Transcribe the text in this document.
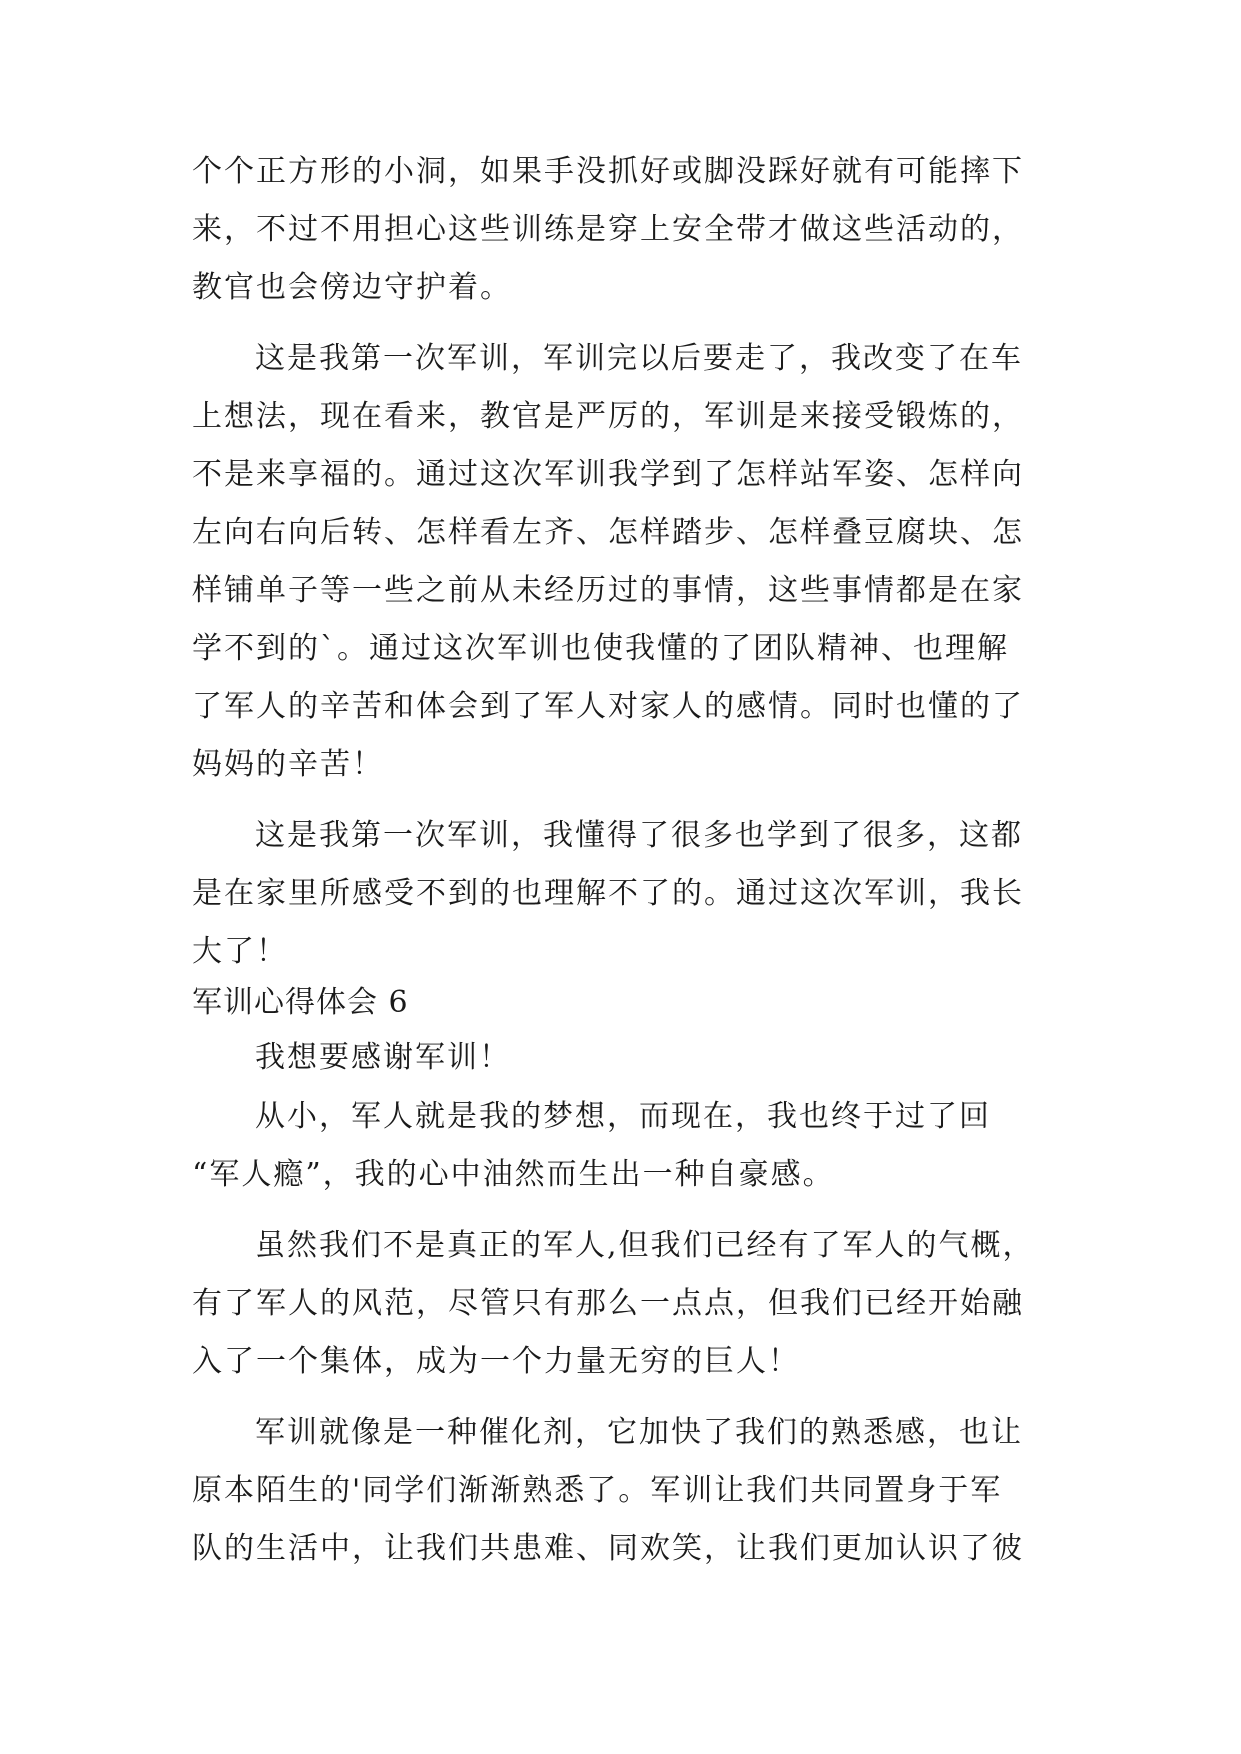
个个正方形的小洞，如果手没抓好或脚没踩好就有可能摔下
来，不过不用担心这些训练是穿上安全带才做这些活动的，
教官也会傍边守护着。
这是我第一次军训，军训完以后要走了，我改变了在车
上想法，现在看来，教官是严厉的，军训是来接受锻炼的，
不是来享福的。通过这次军训我学到了怎样站军姿、怎样向
左向右向后转、怎样看左齐、怎样踏步、怎样叠豆腐块、怎
样铺单子等一些之前从未经历过的事情，这些事情都是在家
学不到的`。通过这次军训也使我懂的了团队精神、也理解
了军人的辛苦和体会到了军人对家人的感情。同时也懂的了
妈妈的辛苦！
这是我第一次军训，我懂得了很多也学到了很多，这都
是在家里所感受不到的也理解不了的。通过这次军训，我长
大了！
军训心得体会 6
我想要感谢军训！
从小，军人就是我的梦想，而现在，我也终于过了回
“军人瘾”，我的心中油然而生出一种自豪感。
虽然我们不是真正的军人,但我们已经有了军人的气概，
有了军人的风范，尽管只有那么一点点，但我们已经开始融
入了一个集体，成为一个力量无穷的巨人！
军训就像是一种催化剂，它加快了我们的熟悉感，也让
原本陌生的'同学们渐渐熟悉了。军训让我们共同置身于军
队的生活中，让我们共患难、同欢笑，让我们更加认识了彼
